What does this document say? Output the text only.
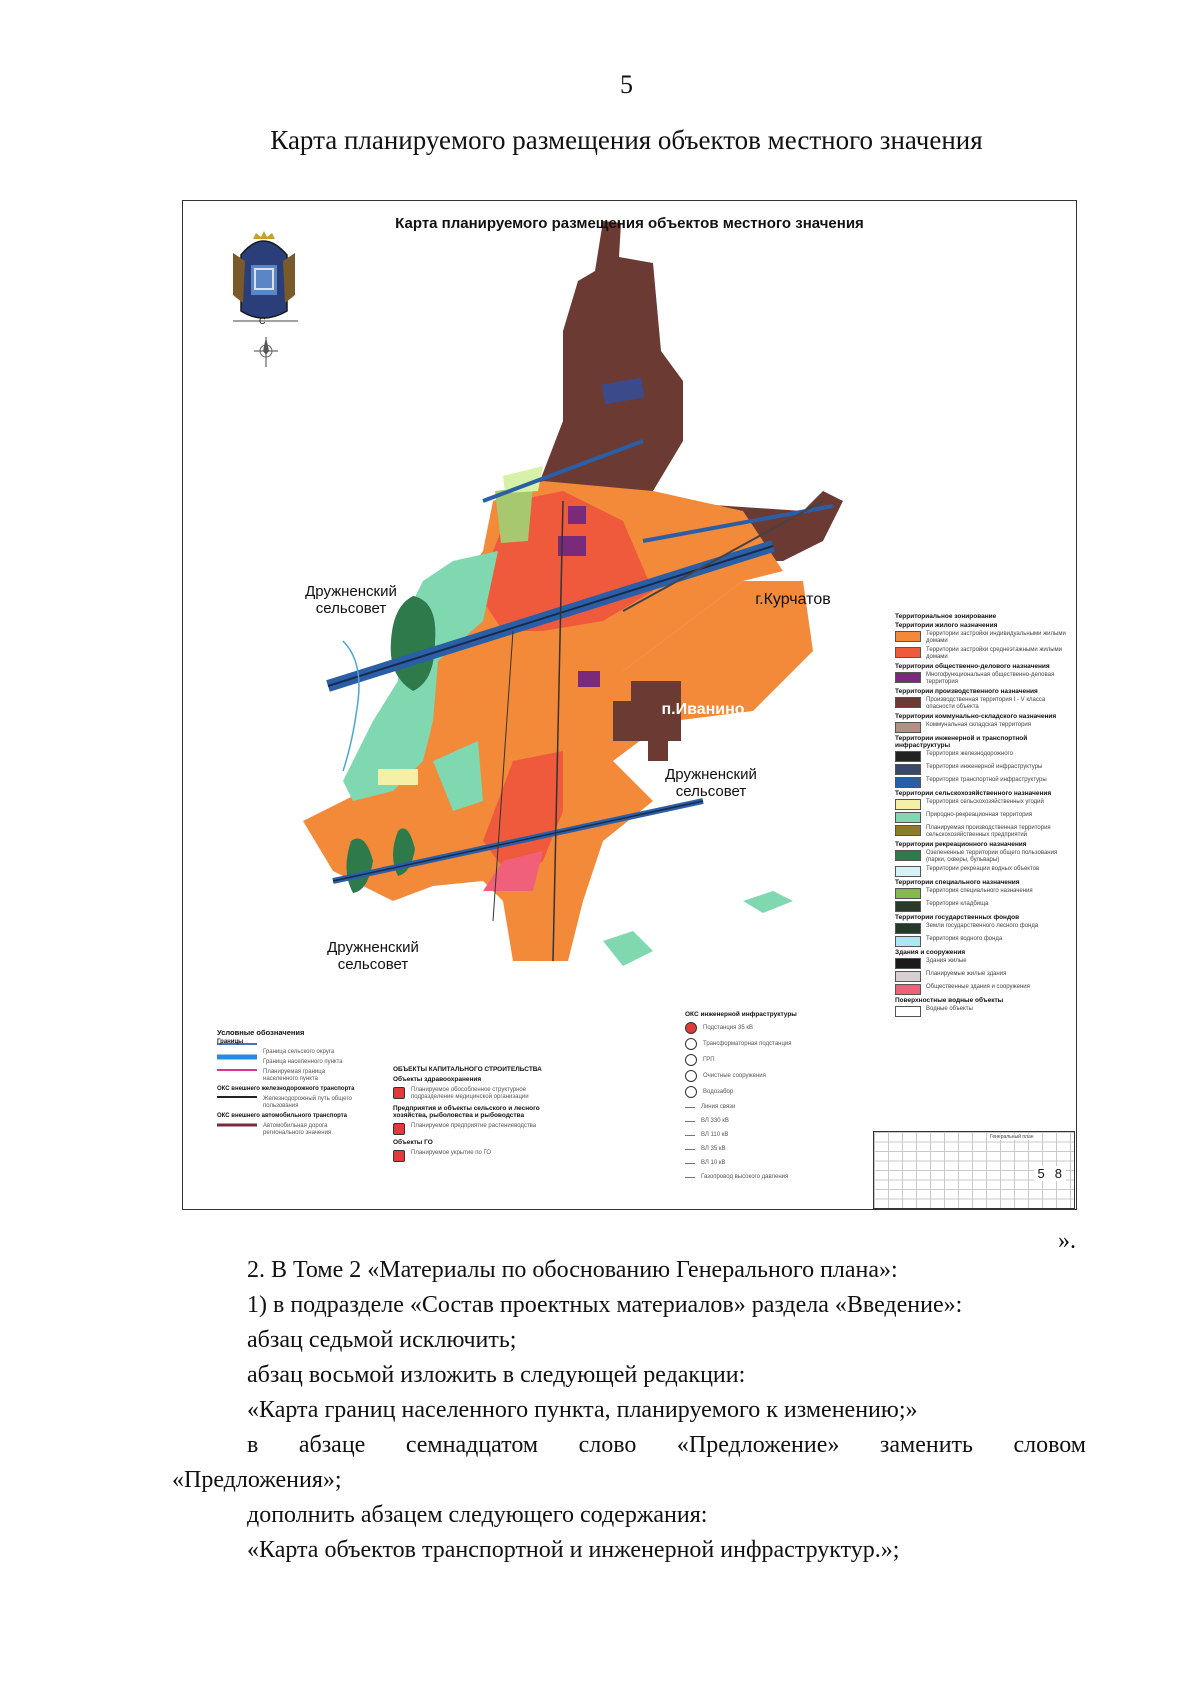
5
Карта планируемого размещения объектов местного значения
Карта планируемого размещения объектов местного значения
С
Дружненский
сельсовет
г.Курчатов
п.Иванино
Дружненский
сельсовет
Дружненский
сельсовет
Территориальное зонирование
Территории жилого назначения
Территории застройки индивидуальными жилыми домами
Территории застройки среднеэтажными жилыми домами
Территории общественно-делового назначения
Многофункциональная общественно-деловая территория
Территории производственного назначения
Производственная территория I - V класса опасности объекта
Территории коммунально-складского назначения
Коммунальная складская территория
Территории инженерной и транспортной инфраструктуры
Территория железнодорожного
Территория инженерной инфраструктуры
Территория транспортной инфраструктуры
Территории сельскохозяйственного назначения
Территория сельскохозяйственных угодий
Природно-рекреационная территория
Планируемая производственная территория сельскохозяйственных предприятий
Территории рекреационного назначения
Озелененные территории общего пользования (парки, скверы, бульвары)
Территории рекреации водных объектов
Территории специального назначения
Территория специального назначения
Территория кладбища
Территории государственных фондов
Земли государственного лесного фонда
Территория водного фонда
Здания и сооружения
Здания жилые
Планируемые жилые здания
Общественные здания и сооружения
Поверхностные водные объекты
Водные объекты
Условные обозначения
Границы
Граница сельского округа
Граница населенного пункта
Планируемая граница населенного пункта
ОКС внешнего железнодорожного транспорта
Железнодорожный путь общего пользования
ОКС внешнего автомобильного транспорта
Автомобильная дорога регионального значения
ОБЪЕКТЫ КАПИТАЛЬНОГО СТРОИТЕЛЬСТВА
Объекты здравоохранения
Планируемое обособленное структурное подразделение медицинской организации
Предприятия и объекты сельского и лесного хозяйства, рыболовства и рыбоводства
Планируемое предприятие растениеводства
Объекты ГО
Планируемое укрытие по ГО
ОКС инженерной инфраструктуры
Подстанция 35 кВ
Трансформаторная подстанция
ГРП
Очистные сооружения
Водозабор
Линия связи
ВЛ 330 кВ
ВЛ 110 кВ
ВЛ 35 кВ
ВЛ 10 кВ
Газопровод высокого давления
Генеральный план
5 8
».

2. В Томе 2 «Материалы по обоснованию Генерального плана»:

1) в подразделе «Состав проектных материалов» раздела «Введение»:

абзац седьмой исключить;

абзац восьмой изложить в следующей редакции:

«Карта границ населенного пункта, планируемого к изменению;»

в абзаце семнадцатом слово «Предложение» заменить словом «Предложения»;

дополнить абзацем следующего содержания:

«Карта объектов транспортной и инженерной инфраструктур.»;
